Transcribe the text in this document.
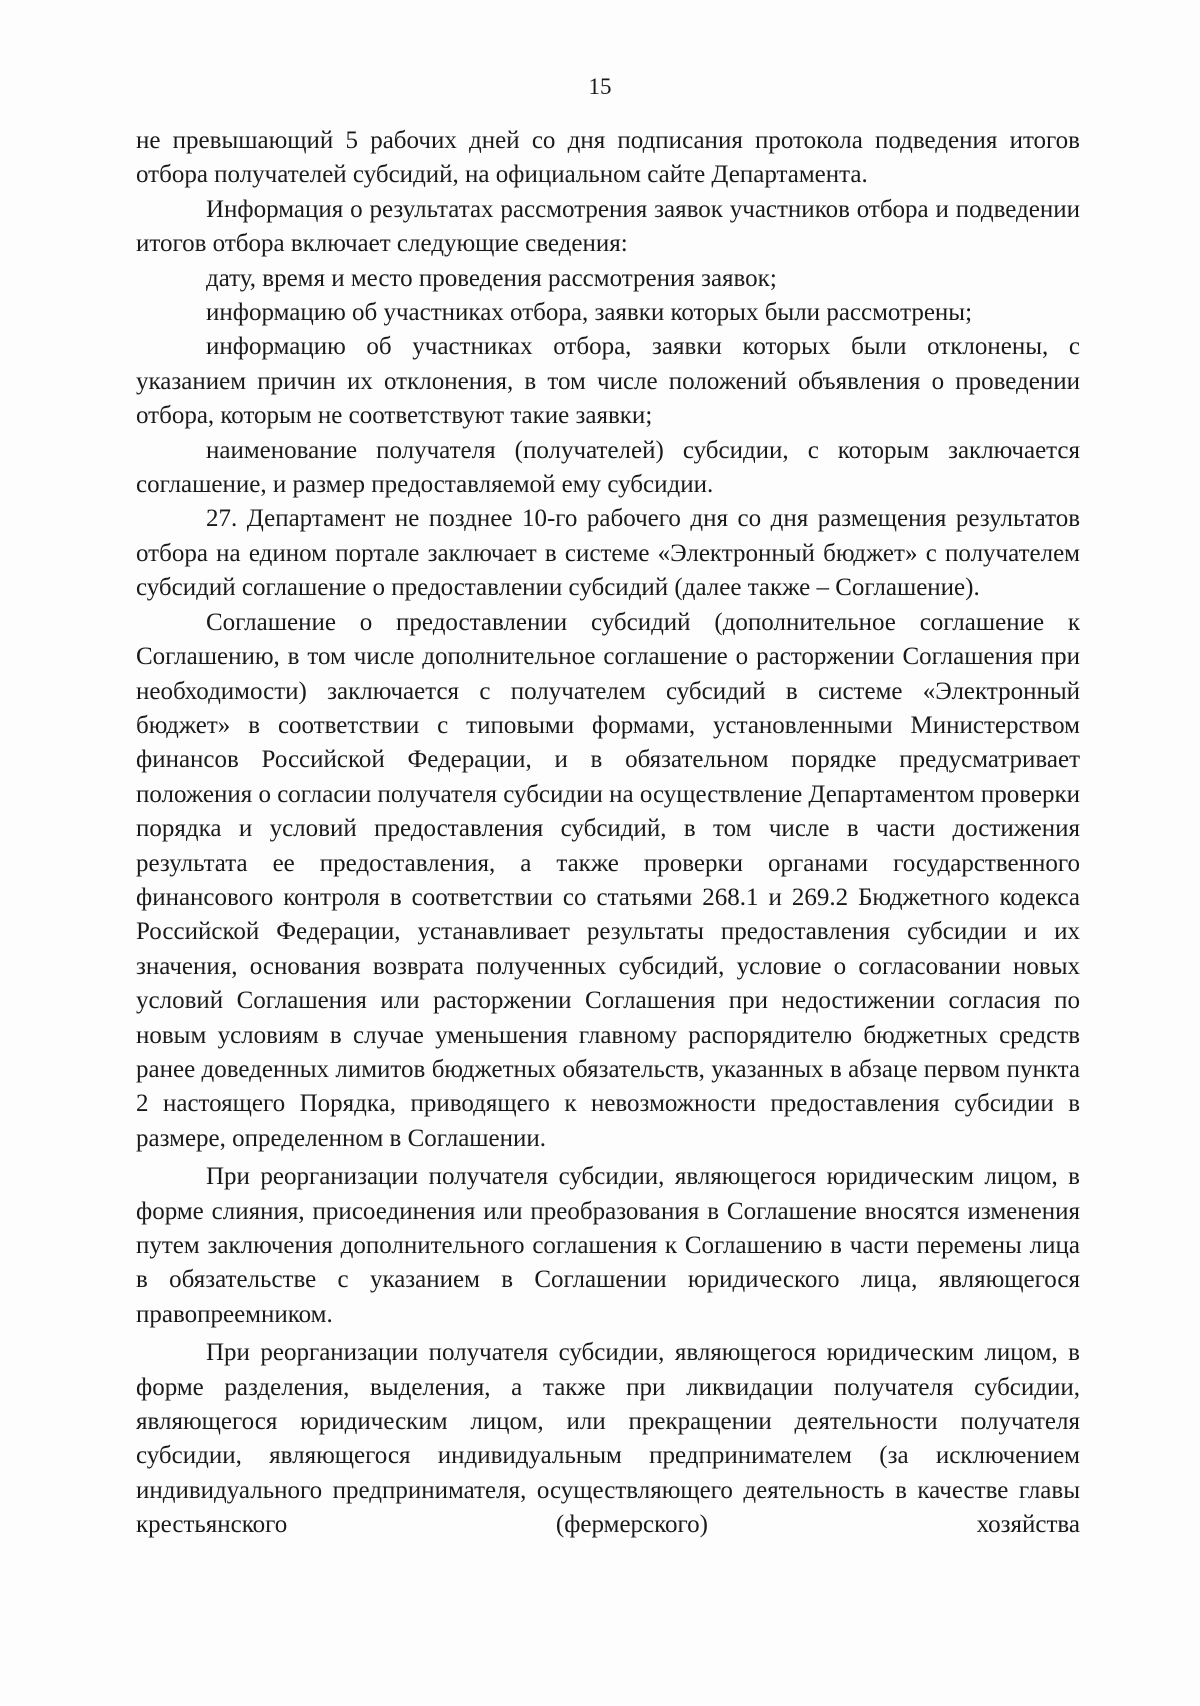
15

не превышающий 5 рабочих дней со дня подписания протокола подведения итогов отбора получателей субсидий, на официальном сайте Департамента.

Информация о результатах рассмотрения заявок участников отбора и подведении итогов отбора включает следующие сведения:

дату, время и место проведения рассмотрения заявок;

информацию об участниках отбора, заявки которых были рассмотрены;

информацию об участниках отбора, заявки которых были отклонены, с указанием причин их отклонения, в том числе положений объявления о проведении отбора, которым не соответствуют такие заявки;

наименование получателя (получателей) субсидии, с которым заключается соглашение, и размер предоставляемой ему субсидии.

27. Департамент не позднее 10-го рабочего дня со дня размещения результатов отбора на едином портале заключает в системе «Электронный бюджет» с получателем субсидий соглашение о предоставлении субсидий (далее также – Соглашение).

Соглашение о предоставлении субсидий (дополнительное соглашение к Соглашению, в том числе дополнительное соглашение о расторжении Соглашения при необходимости) заключается с получателем субсидий в системе «Электронный бюджет» в соответствии с типовыми формами, установленными Министерством финансов Российской Федерации, и в обязательном порядке предусматривает положения о согласии получателя субсидии на осуществление Департаментом проверки порядка и условий предоставления субсидий, в том числе в части достижения результата ее предоставления, а также проверки органами государственного финансового контроля в соответствии со статьями 268.1 и 269.2 Бюджетного кодекса Российской Федерации, устанавливает результаты предоставления субсидии и их значения, основания возврата полученных субсидий, условие о согласовании новых условий Соглашения или расторжении Соглашения при недостижении согласия по новым условиям в случае уменьшения главному распорядителю бюджетных средств ранее доведенных лимитов бюджетных обязательств, указанных в абзаце первом пункта 2 настоящего Порядка, приводящего к невозможности предоставления субсидии в размере, определенном в Соглашении.

При реорганизации получателя субсидии, являющегося юридическим лицом, в форме слияния, присоединения или преобразования в Соглашение вносятся изменения путем заключения дополнительного соглашения к Соглашению в части перемены лица в обязательстве с указанием в Соглашении юридического лица, являющегося правопреемником.

При реорганизации получателя субсидии, являющегося юридическим лицом, в форме разделения, выделения, а также при ликвидации получателя субсидии, являющегося юридическим лицом, или прекращении деятельности получателя субсидии, являющегося индивидуальным предпринимателем (за исключением индивидуального предпринимателя, осуществляющего деятельность в качестве главы крестьянского (фермерского) хозяйства
